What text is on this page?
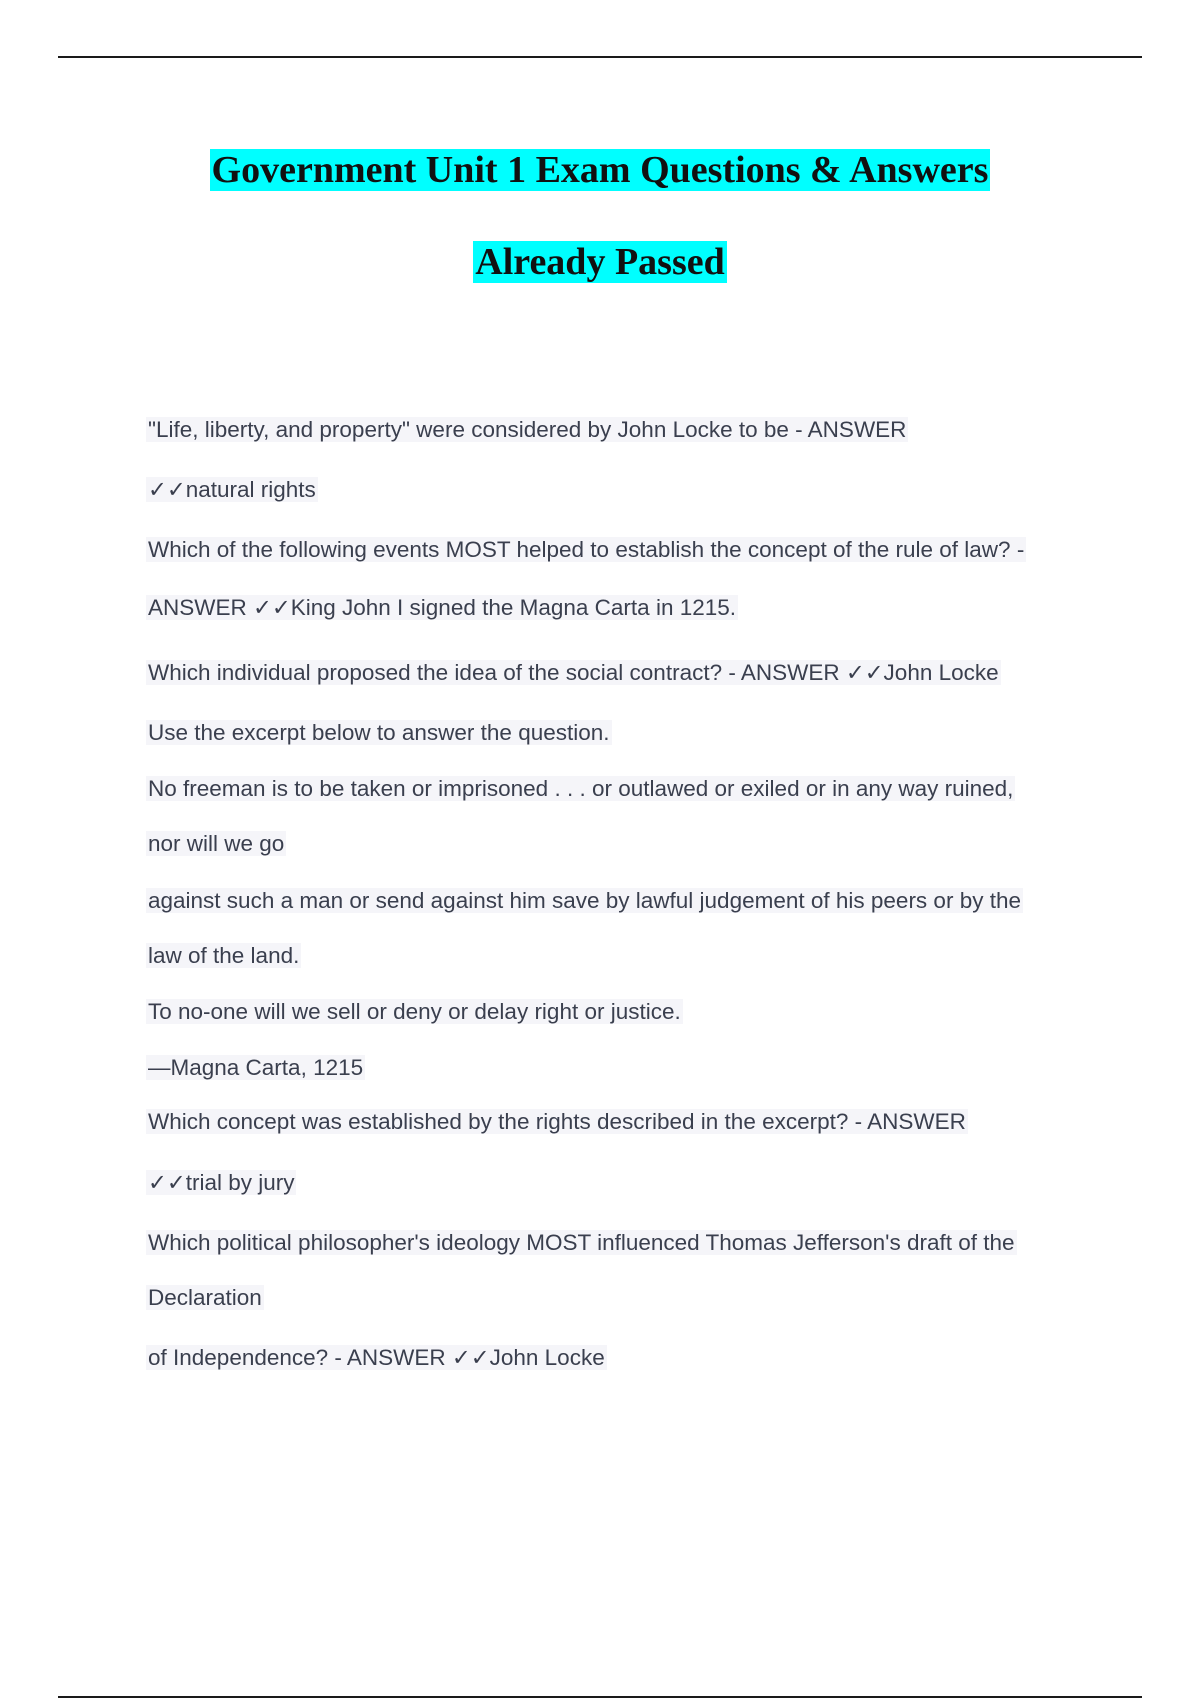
Government Unit 1 Exam Questions & Answers
Already Passed
"Life, liberty, and property" were considered by John Locke to be - ANSWER
✓✓natural rights
Which of the following events MOST helped to establish the concept of the rule of law? -
ANSWER ✓✓King John I signed the Magna Carta in 1215.
Which individual proposed the idea of the social contract? - ANSWER ✓✓John Locke
Use the excerpt below to answer the question.
No freeman is to be taken or imprisoned . . . or outlawed or exiled or in any way ruined,
nor will we go
against such a man or send against him save by lawful judgement of his peers or by the
law of the land.
To no-one will we sell or deny or delay right or justice.
—Magna Carta, 1215
Which concept was established by the rights described in the excerpt? - ANSWER
✓✓trial by jury
Which political philosopher's ideology MOST influenced Thomas Jefferson's draft of the
Declaration
of Independence? - ANSWER ✓✓John Locke
